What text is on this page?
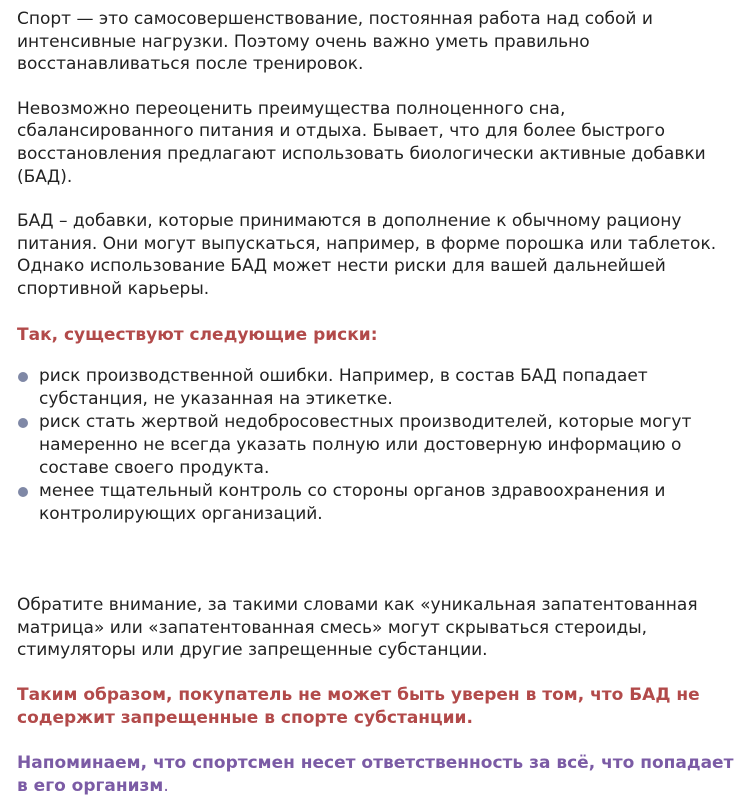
Спорт — это самосовершенствование, постоянная работа над собой и интенсивные нагрузки. Поэтому очень важно уметь правильно восстанавливаться после тренировок.

Невозможно переоценить преимущества полноценного сна, сбалансированного питания и отдыха. Бывает, что для более быстрого восстановления предлагают использовать биологически активные добавки (БАД).

БАД – добавки, которые принимаются в дополнение к обычному рациону питания. Они могут выпускаться, например, в форме порошка или таблеток. Однако использование БАД может нести риски для вашей дальнейшей спортивной карьеры.

Так, существуют следующие риски:

риск производственной ошибки. Например, в состав БАД попадает субстанция, не указанная на этикетке.
риск стать жертвой недобросовестных производителей, которые могут намеренно не всегда указать полную или достоверную информацию о составе своего продукта.
менее тщательный контроль со стороны органов здравоохранения и контролирующих организаций.

Обратите внимание, за такими словами как «уникальная запатентованная матрица» или «запатентованная смесь» могут скрываться стероиды, стимуляторы или другие запрещенные субстанции.

Таким образом, покупатель не может быть уверен в том, что БАД не содержит запрещенные в спорте субстанции.

Напоминаем, что спортсмен несет ответственность за всё, что попадает в его организм.
